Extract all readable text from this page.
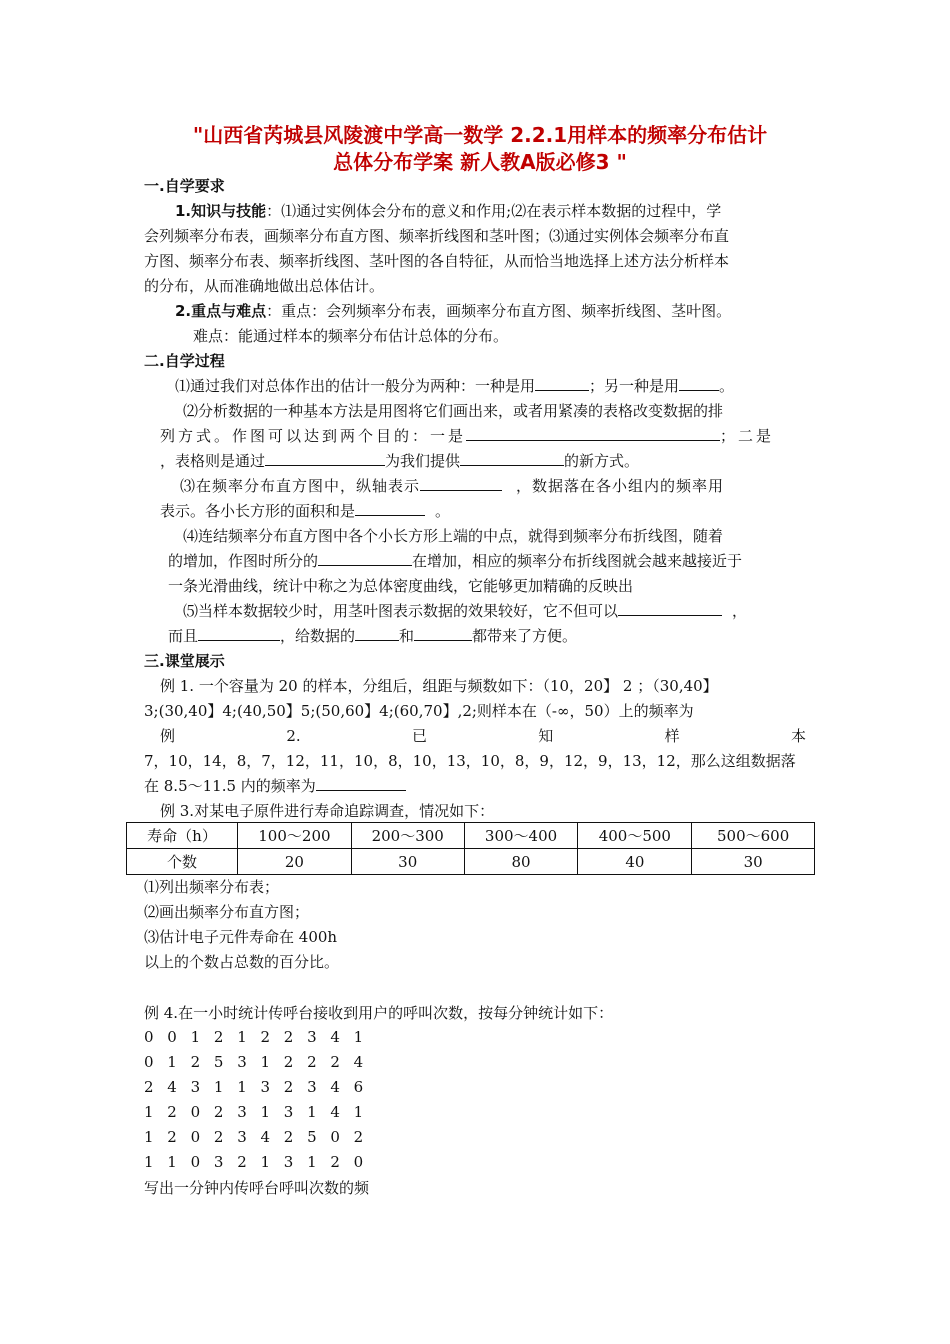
"山西省芮城县风陵渡中学高一数学 2.2.1用样本的频率分布估计
总体分布学案 新人教A版必修3 "
一.自学要求
1.知识与技能：⑴通过实例体会分布的意义和作用;⑵在表示样本数据的过程中，学
会列频率分布表，画频率分布直方图、频率折线图和茎叶图；⑶通过实例体会频率分布直
方图、频率分布表、频率折线图、茎叶图的各自特征，从而恰当地选择上述方法分析样本
的分布，从而准确地做出总体估计。
2.重点与难点：重点：会列频率分布表，画频率分布直方图、频率折线图、茎叶图。
难点：能通过样本的频率分布估计总体的分布。
二.自学过程
⑴通过我们对总体作出的估计一般分为两种：一种是用	；另一种是用	。
⑵分析数据的一种基本方法是用图将它们画出来，或者用紧凑的表格改变数据的排
列方式。作图可以达到两个目的：一是	；二是
，表格则是通过	为我们提供	的新方式。
⑶在频率分布直方图中，纵轴表示	，数据落在各小组内的频率用
表示。各小长方形的面积和是	。
⑷连结频率分布直方图中各个小长方形上端的中点，就得到频率分布折线图，随着
的增加，作图时所分的	在增加，相应的频率分布折线图就会越来越接近于
一条光滑曲线，统计中称之为总体密度曲线，它能够更加精确的反映出
⑸当样本数据较少时，用茎叶图表示数据的效果较好，它不但可以	，
而且	，给数据的	和	都带来了方便。
三.课堂展示
例 1. 一个容量为 20 的样本，分组后，组距与频数如下：（10，20】 2 ；（30,40】
3;(30,40】4;(40,50】5;(50,60】4;(60,70】,2;则样本在（-∞，50）上的频率为
例	2.	已	知	样	本
7，10，14，8，7，12，11，10，8，10，13，10，8，9，12，9，13，12，那么这组数据落
在 8.5～11.5 内的频率为
例 3.对某电子原件进行寿命追踪调查，情况如下：
寿命（h）	100～200	200～300	300～400	400～500	500～600
个数	20	30	80	40	30
⑴列出频率分布表；
⑵画出频率分布直方图；
⑶估计电子元件寿命在 400h
以上的个数占总数的百分比。
例 4.在一小时统计传呼台接收到用户的呼叫次数，按每分钟统计如下：
0 0 1 2 1 2 2 3 4 1
0 1 2 5 3 1 2 2 2 4
2 4 3 1 1 3 2 3 4 6
1 2 0 2 3 1 3 1 4 1
1 2 0 2 3 4 2 5 0 2
1 1 0 3 2 1 3 1 2 0
写出一分钟内传呼台呼叫次数的频
